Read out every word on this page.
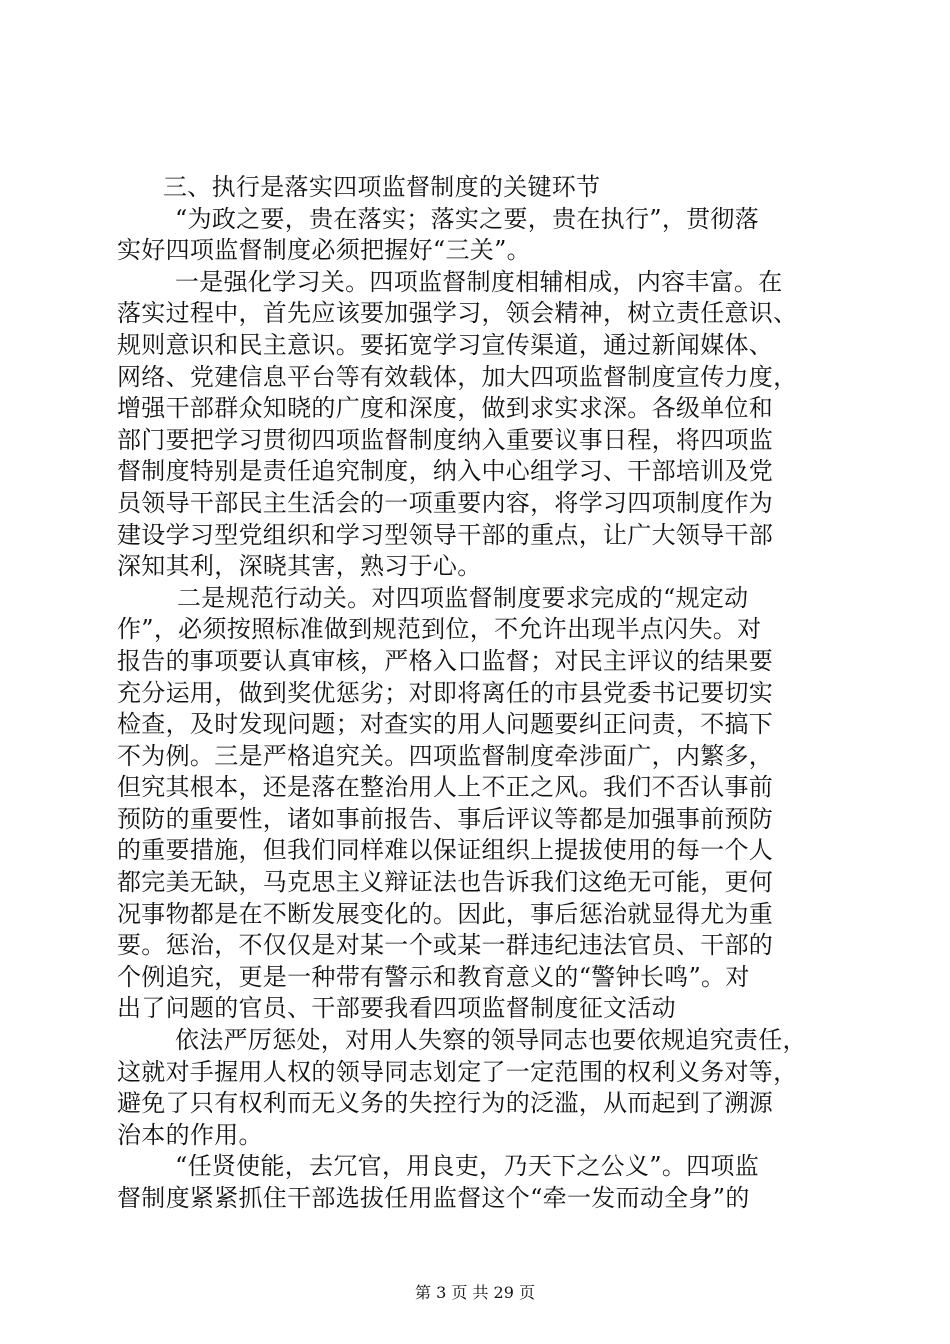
三、执行是落实四项监督制度的关键环节
“为政之要，贵在落实；落实之要，贵在执行”，贯彻落
实好四项监督制度必须把握好“三关”。
一是强化学习关。四项监督制度相辅相成，内容丰富。在
落实过程中，首先应该要加强学习，领会精神，树立责任意识、
规则意识和民主意识。要拓宽学习宣传渠道，通过新闻媒体、
网络、党建信息平台等有效载体，加大四项监督制度宣传力度，
增强干部群众知晓的广度和深度，做到求实求深。各级单位和
部门要把学习贯彻四项监督制度纳入重要议事日程，将四项监
督制度特别是责任追究制度，纳入中心组学习、干部培训及党
员领导干部民主生活会的一项重要内容，将学习四项制度作为
建设学习型党组织和学习型领导干部的重点，让广大领导干部
深知其利，深晓其害，熟习于心。
二是规范行动关。对四项监督制度要求完成的“规定动
作”，必须按照标准做到规范到位，不允许出现半点闪失。对
报告的事项要认真审核，严格入口监督；对民主评议的结果要
充分运用，做到奖优惩劣；对即将离任的市县党委书记要切实
检查，及时发现问题；对查实的用人问题要纠正问责，不搞下
不为例。三是严格追究关。四项监督制度牵涉面广，内繁多，
但究其根本，还是落在整治用人上不正之风。我们不否认事前
预防的重要性，诸如事前报告、事后评议等都是加强事前预防
的重要措施，但我们同样难以保证组织上提拔使用的每一个人
都完美无缺，马克思主义辩证法也告诉我们这绝无可能，更何
况事物都是在不断发展变化的。因此，事后惩治就显得尤为重
要。惩治，不仅仅是对某一个或某一群违纪违法官员、干部的
个例追究，更是一种带有警示和教育意义的“警钟长鸣”。对
出了问题的官员、干部要我看四项监督制度征文活动
依法严厉惩处，对用人失察的领导同志也要依规追究责任，
这就对手握用人权的领导同志划定了一定范围的权利义务对等，
避免了只有权利而无义务的失控行为的泛滥，从而起到了溯源
治本的作用。
“任贤使能，去冗官，用良吏，乃天下之公义”。四项监
督制度紧紧抓住干部选拔任用监督这个“牵一发而动全身”的
第 3 页 共 29 页
